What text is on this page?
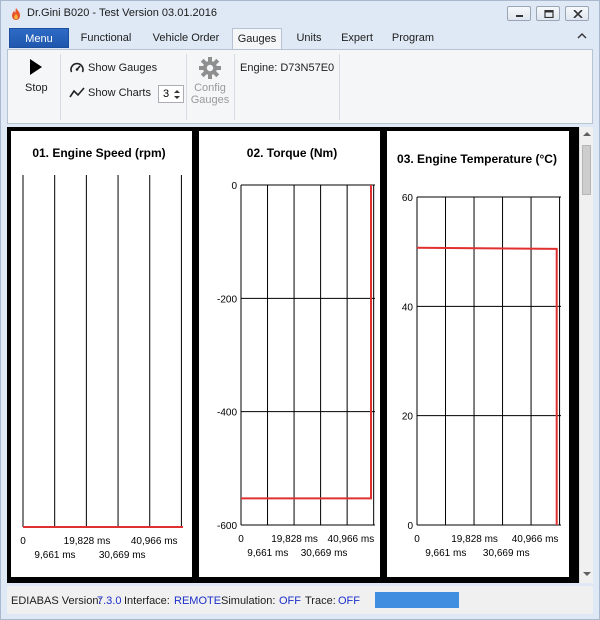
Dr.Gini B020 - Test Version 03.01.2016
Menu	Functional	Vehicle Order	Gauges	Units	Expert	Program
Stop
Show Gauges
Show Charts 3	Config
Gauges
Engine: D73N57E0
01. Engine Speed (rpm)
0	19,828 ms 40,966 ms
9,661 ms 30,669 ms
02. Torque (Nm)
0
-200
-400
-600
0	19,828 ms 40,966 ms
9,661 ms 30,669 ms
03. Engine Temperature (°C)
60
40
20
0
0	19,828 ms 40,966 ms
9,661 ms 30,669 ms
EDIABAS Version:
7.3.0 Interface: REMOTE Simulation: OFF Trace: OFF
